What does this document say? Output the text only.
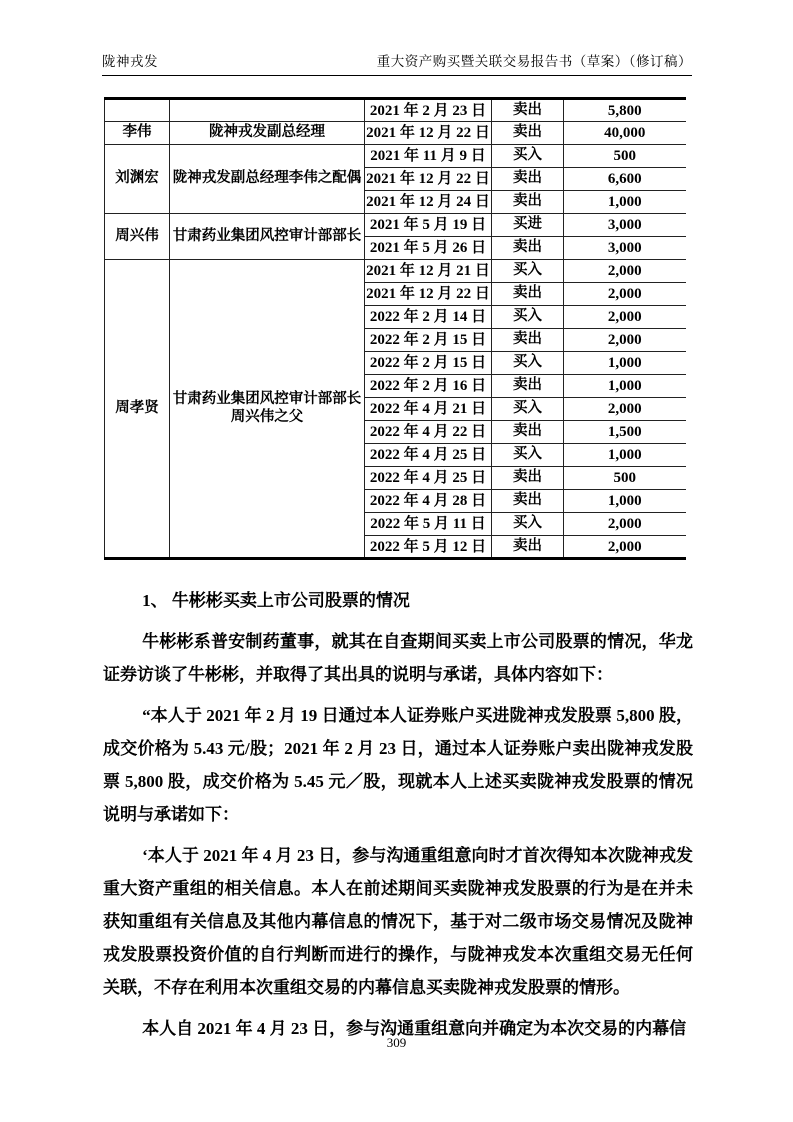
陇神戎发	重大资产购买暨关联交易报告书（草案）（修订稿）
		2021 年 2 月 23 日	卖出	5,800
李伟	陇神戎发副总经理	2021 年 12 月 22 日	卖出	40,000
刘渊宏	陇神戎发副总经理李伟之配偶	2021 年 11 月 9 日	买入	500
		2021 年 12 月 22 日	卖出	6,600
		2021 年 12 月 24 日	卖出	1,000
周兴伟	甘肃药业集团风控审计部部长	2021 年 5 月 19 日	买进	3,000
		2021 年 5 月 26 日	卖出	3,000
周孝贤	甘肃药业集团风控审计部部长周兴伟之父	2021 年 12 月 21 日	买入	2,000
		2021 年 12 月 22 日	卖出	2,000
		2022 年 2 月 14 日	买入	2,000
		2022 年 2 月 15 日	卖出	2,000
		2022 年 2 月 15 日	买入	1,000
		2022 年 2 月 16 日	卖出	1,000
		2022 年 4 月 21 日	买入	2,000
		2022 年 4 月 22 日	卖出	1,500
		2022 年 4 月 25 日	买入	1,000
		2022 年 4 月 25 日	卖出	500
		2022 年 4 月 28 日	卖出	1,000
		2022 年 5 月 11 日	买入	2,000
		2022 年 5 月 12 日	卖出	2,000
1、 牛彬彬买卖上市公司股票的情况

牛彬彬系普安制药董事，就其在自查期间买卖上市公司股票的情况，华龙证券访谈了牛彬彬，并取得了其出具的说明与承诺，具体内容如下：

“本人于 2021 年 2 月 19 日通过本人证券账户买进陇神戎发股票 5,800 股，成交价格为 5.43 元/股；2021 年 2 月 23 日，通过本人证券账户卖出陇神戎发股票 5,800 股，成交价格为 5.45 元／股，现就本人上述买卖陇神戎发股票的情况说明与承诺如下：

‘本人于 2021 年 4 月 23 日，参与沟通重组意向时才首次得知本次陇神戎发重大资产重组的相关信息。本人在前述期间买卖陇神戎发股票的行为是在并未获知重组有关信息及其他内幕信息的情况下，基于对二级市场交易情况及陇神戎发股票投资价值的自行判断而进行的操作，与陇神戎发本次重组交易无任何关联，不存在利用本次重组交易的内幕信息买卖陇神戎发股票的情形。

本人自 2021 年 4 月 23 日，参与沟通重组意向并确定为本次交易的内幕信

309
